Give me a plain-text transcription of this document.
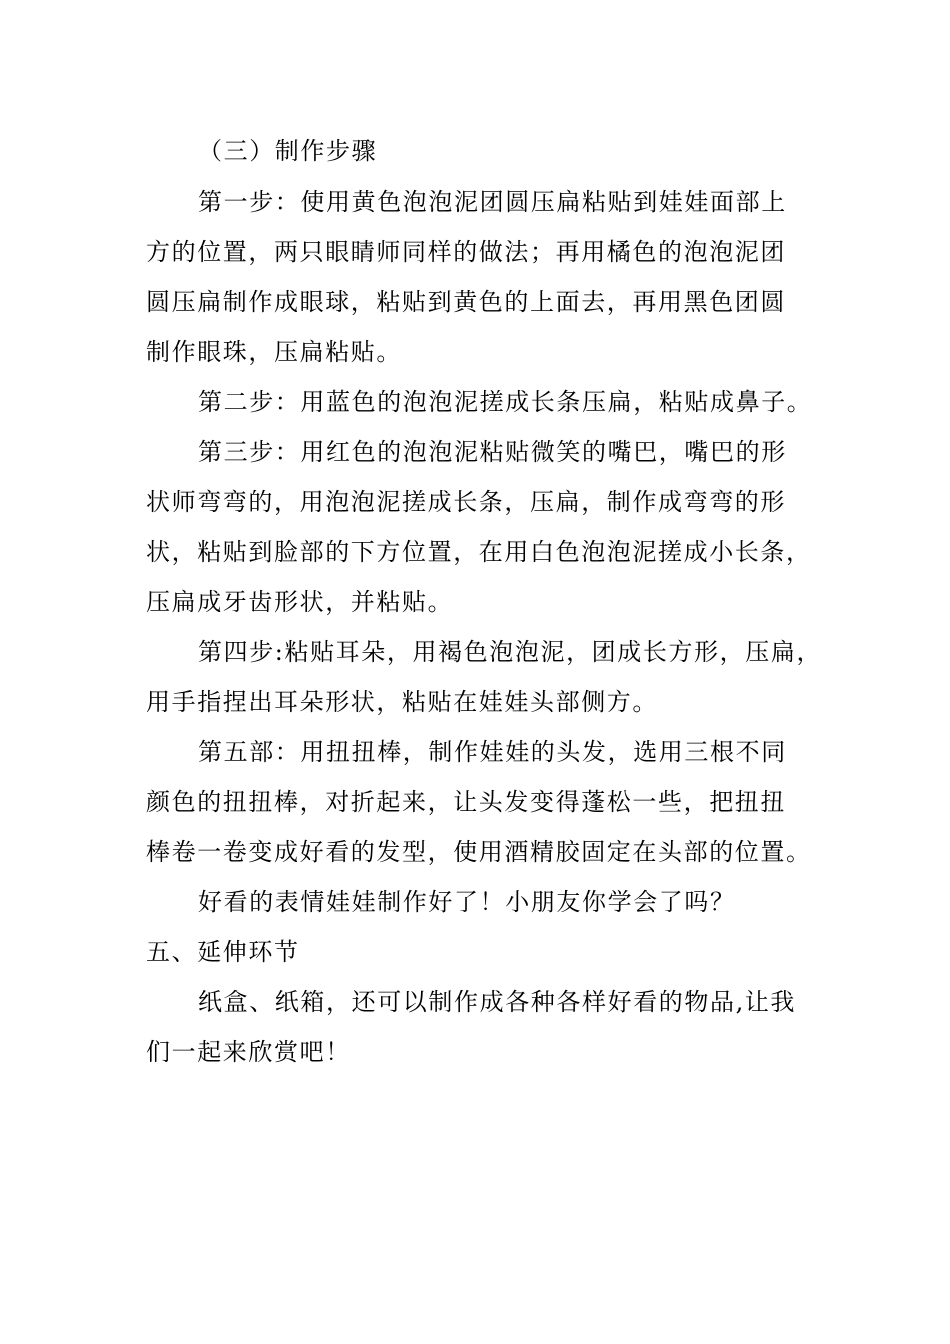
（三）制作步骤
第一步：使用黄色泡泡泥团圆压扁粘贴到娃娃面部上
方的位置，两只眼睛师同样的做法；再用橘色的泡泡泥团
圆压扁制作成眼球，粘贴到黄色的上面去，再用黑色团圆
制作眼珠，压扁粘贴。
第二步：用蓝色的泡泡泥搓成长条压扁，粘贴成鼻子。
第三步：用红色的泡泡泥粘贴微笑的嘴巴，嘴巴的形
状师弯弯的，用泡泡泥搓成长条，压扁，制作成弯弯的形
状，粘贴到脸部的下方位置，在用白色泡泡泥搓成小长条，
压扁成牙齿形状，并粘贴。
第四步:粘贴耳朵，用褐色泡泡泥，团成长方形，压扁，
用手指捏出耳朵形状，粘贴在娃娃头部侧方。
第五部：用扭扭棒，制作娃娃的头发，选用三根不同
颜色的扭扭棒，对折起来，让头发变得蓬松一些，把扭扭
棒卷一卷变成好看的发型，使用酒精胶固定在头部的位置。
好看的表情娃娃制作好了！小朋友你学会了吗？
五、延伸环节
纸盒、纸箱，还可以制作成各种各样好看的物品,让我
们一起来欣赏吧！
